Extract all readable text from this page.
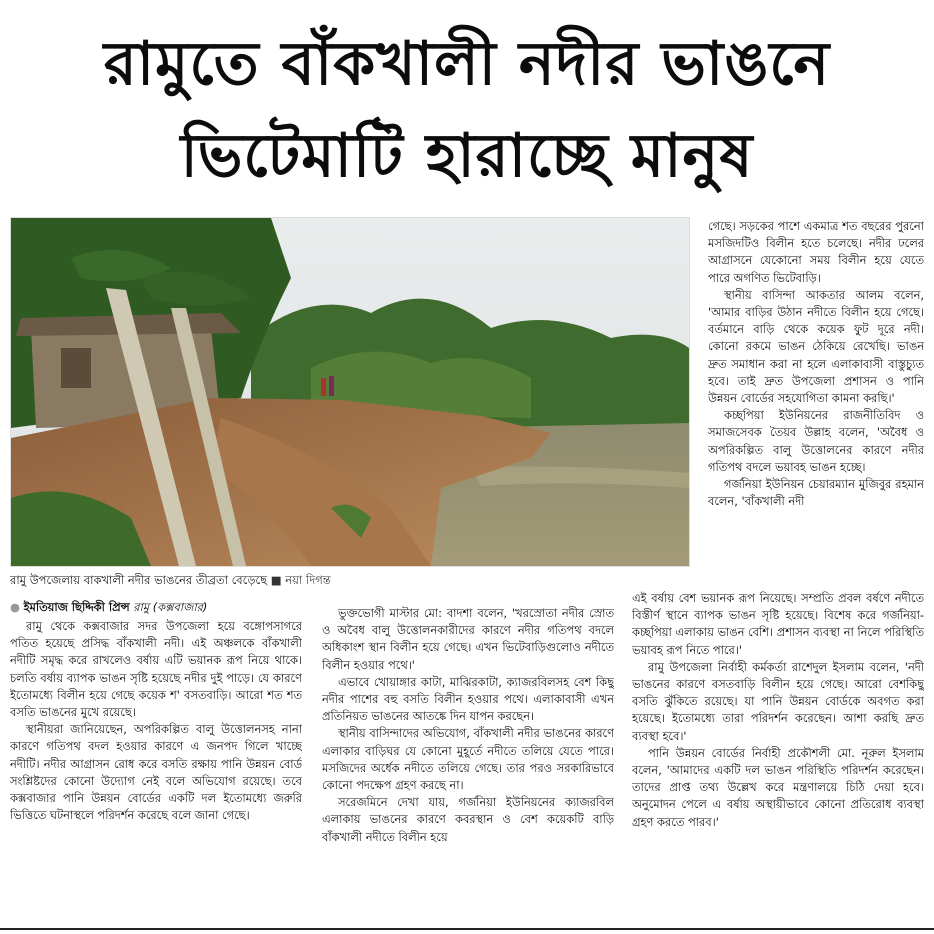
রামুতে বাঁকখালী নদীর ভাঙনে
ভিটেমাটি হারাচ্ছে মানুষ
রামু উপজেলায় বাকখালী নদীর ভাঙনের তীব্রতা বেড়েছে ■ নয়া দিগন্ত

গেছে। সড়কের পাশে একমাত্র শত বছরের পুরনো মসজিদটিও বিলীন হতে চলেছে। নদীর ঢলের আগ্রাসনে যেকোনো সময় বিলীন হয়ে যেতে পারে অগণিত ভিটেবাড়ি।

স্থানীয় বাসিন্দা আকতার আলম বলেন, 'আমার বাড়ির উঠান নদীতে বিলীন হয়ে গেছে। বর্তমানে বাড়ি থেকে কয়েক ফুট দূরে নদী। কোনো রকমে ভাঙন ঠেকিয়ে রেখেছি। ভাঙন দ্রুত সমাধান করা না হলে এলাকাবাসী বাস্তুচ্যুত হবে। তাই দ্রুত উপজেলা প্রশাসন ও পানি উন্নয়ন বোর্ডের সহযোগিতা কামনা করছি।'

কচ্ছপিয়া ইউনিয়নের রাজনীতিবিদ ও সমাজসেবক তৈয়ব উল্লাহ বলেন, 'অবৈধ ও অপরিকল্পিত বালু উত্তোলনের কারণে নদীর গতিপথ বদলে ভয়াবহ ভাঙন হচ্ছে।

গর্জনিয়া ইউনিয়ন চেয়ারম্যান মুজিবুর রহমান বলেন, 'বাঁকখালী নদী

● ইমতিয়াজ ছিদ্দিকী প্রিন্স রামু (কক্সবাজার)

রামু থেকে কক্সবাজার সদর উপজেলা হয়ে বঙ্গোপসাগরে পতিত হয়েছে প্রসিদ্ধ বাঁকখালী নদী। এই অঞ্চলকে বাঁকখালী নদীটি সমৃদ্ধ করে রাখলেও বর্ষায় এটি ভয়ানক রূপ নিয়ে থাকে। চলতি বর্ষায় ব্যাপক ভাঙন সৃষ্টি হয়েছে নদীর দুই পাড়ে। যে কারণে ইতোমধ্যে বিলীন হয়ে গেছে কয়েক শ' বসতবাড়ি। আরো শত শত বসতি ভাঙনের মুখে রয়েছে।

স্থানীয়রা জানিয়েছেন, অপরিকল্পিত বালু উত্তোলনসহ নানা কারণে গতিপথ বদল হওয়ার কারণে এ জনপদ গিলে খাচ্ছে নদীটি। নদীর আগ্রাসন রোধ করে বসতি রক্ষায় পানি উন্নয়ন বোর্ড সংশ্লিষ্টদের কোনো উদ্যোগ নেই বলে অভিযোগ রয়েছে। তবে কক্সবাজার পানি উন্নয়ন বোর্ডের একটি দল ইতোমধ্যে জরুরি ভিত্তিতে ঘটনাস্থলে পরিদর্শন করেছে বলে জানা গেছে।

ভুক্তভোগী মাস্টার মো: বাদশা বলেন, 'খরস্রোতা নদীর স্রোত ও অবৈধ বালু উত্তোলনকারীদের কারণে নদীর গতিপথ বদলে অধিকাংশ স্থান বিলীন হয়ে গেছে। এখন ভিটেবাড়িগুলোও নদীতে বিলীন হওয়ার পথে।'

এভাবে খোয়াঙ্গার কাটা, মাঝিরকাটা, ক্যাজরবিলসহ বেশ কিছু নদীর পাশের বহু বসতি বিলীন হওয়ার পথে। এলাকাবাসী এখন প্রতিনিয়ত ভাঙনের আতঙ্কে দিন যাপন করছেন।

স্থানীয় বাসিন্দাদের অভিযোগ, বাঁকখালী নদীর ভাঙনের কারণে এলাকার বাড়িঘর যে কোনো মুহূর্তে নদীতে তলিয়ে যেতে পারে। মসজিদের অর্ধেক নদীতে তলিয়ে গেছে। তার পরও সরকারিভাবে কোনো পদক্ষেপ গ্রহণ করছে না।

সরেজমিনে দেখা যায়, গর্জনিয়া ইউনিয়নের ক্যাজরবিল এলাকায় ভাঙনের কারণে কবরস্থান ও বেশ কয়েকটি বাড়ি বাঁকখালী নদীতে বিলীন হয়ে

এই বর্ষায় বেশ ভয়ানক রূপ নিয়েছে। সম্প্রতি প্রবল বর্ষণে নদীতে বিস্তীর্ণ স্থানে ব্যাপক ভাঙন সৃষ্টি হয়েছে। বিশেষ করে গর্জনিয়া-কচ্ছপিয়া এলাকায় ভাঙন বেশি। প্রশাসন ব্যবস্থা না নিলে পরিস্থিতি ভয়াবহ রূপ নিতে পারে।'

রামু উপজেলা নির্বাহী কর্মকর্তা রাশেদুল ইসলাম বলেন, 'নদী ভাঙনের কারণে বসতবাড়ি বিলীন হয়ে গেছে। আরো বেশকিছু বসতি ঝুঁকিতে রয়েছে। যা পানি উন্নয়ন বোর্ডকে অবগত করা হয়েছে। ইতোমধ্যে তারা পরিদর্শন করেছেন। আশা করছি দ্রুত ব্যবস্থা হবে।'

পানি উন্নয়ন বোর্ডের নির্বাহী প্রকৌশলী মো. নূরুল ইসলাম বলেন, 'আমাদের একটি দল ভাঙন পরিস্থিতি পরিদর্শন করেছেন। তাদের প্রাপ্ত তথ্য উল্লেখ করে মন্ত্রণালয়ে চিঠি দেয়া হবে। অনুমোদন পেলে এ বর্ষায় অস্থায়ীভাবে কোনো প্রতিরোধ ব্যবস্থা গ্রহণ করতে পারব।'
